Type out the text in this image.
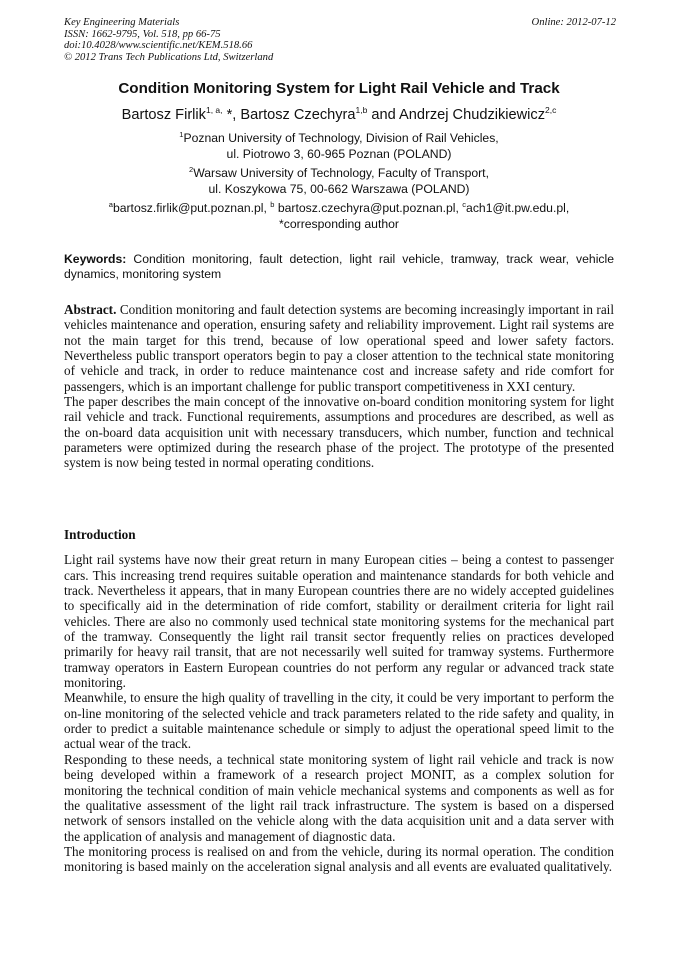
Key Engineering Materials
ISSN: 1662-9795, Vol. 518, pp 66-75
doi:10.4028/www.scientific.net/KEM.518.66
© 2012 Trans Tech Publications Ltd, Switzerland
Online: 2012-07-12
Condition Monitoring System for Light Rail Vehicle and Track
Bartosz Firlik$^{1, a,}$ *, Bartosz Czechyra$^{1,b}$ and Andrzej Chudzikiewicz$^{2,c}$
$^1$Poznan University of Technology, Division of Rail Vehicles,
ul. Piotrowo 3, 60-965 Poznan (POLAND)
$^2$Warsaw University of Technology, Faculty of Transport,
ul. Koszykowa 75, 00-662 Warszawa (POLAND)
$^a$bartosz.firlik@put.poznan.pl, $^b$ bartosz.czechyra@put.poznan.pl, $^c$ach1@it.pw.edu.pl,
*corresponding author
Keywords: Condition monitoring, fault detection, light rail vehicle, tramway, track wear, vehicle dynamics, monitoring system

Abstract. Condition monitoring and fault detection systems are becoming increasingly important in rail vehicles maintenance and operation, ensuring safety and reliability improvement. Light rail systems are not the main target for this trend, because of low operational speed and lower safety factors. Nevertheless public transport operators begin to pay a closer attention to the technical state monitoring of vehicle and track, in order to reduce maintenance cost and increase safety and ride comfort for passengers, which is an important challenge for public transport competitiveness in XXI century.

The paper describes the main concept of the innovative on-board condition monitoring system for light rail vehicle and track. Functional requirements, assumptions and procedures are described, as well as the on-board data acquisition unit with necessary transducers, which number, function and technical parameters were optimized during the research phase of the project. The prototype of the presented system is now being tested in normal operating conditions.

Introduction

Light rail systems have now their great return in many European cities – being a contest to passenger cars. This increasing trend requires suitable operation and maintenance standards for both vehicle and track. Nevertheless it appears, that in many European countries there are no widely accepted guidelines to specifically aid in the determination of ride comfort, stability or derailment criteria for light rail vehicles. There are also no commonly used technical state monitoring systems for the mechanical part of the tramway. Consequently the light rail transit sector frequently relies on practices developed primarily for heavy rail transit, that are not necessarily well suited for tramway systems. Furthermore tramway operators in Eastern European countries do not perform any regular or advanced track state monitoring.

Meanwhile, to ensure the high quality of travelling in the city, it could be very important to perform the on-line monitoring of the selected vehicle and track parameters related to the ride safety and quality, in order to predict a suitable maintenance schedule or simply to adjust the operational speed limit to the actual wear of the track.

Responding to these needs, a technical state monitoring system of light rail vehicle and track is now being developed within a framework of a research project MONIT, as a complex solution for monitoring the technical condition of main vehicle mechanical systems and components as well as for the qualitative assessment of the light rail track infrastructure. The system is based on a dispersed network of sensors installed on the vehicle along with the data acquisition unit and a data server with the application of analysis and management of diagnostic data.

The monitoring process is realised on and from the vehicle, during its normal operation. The condition monitoring is based mainly on the acceleration signal analysis and all events are evaluated qualitatively.
